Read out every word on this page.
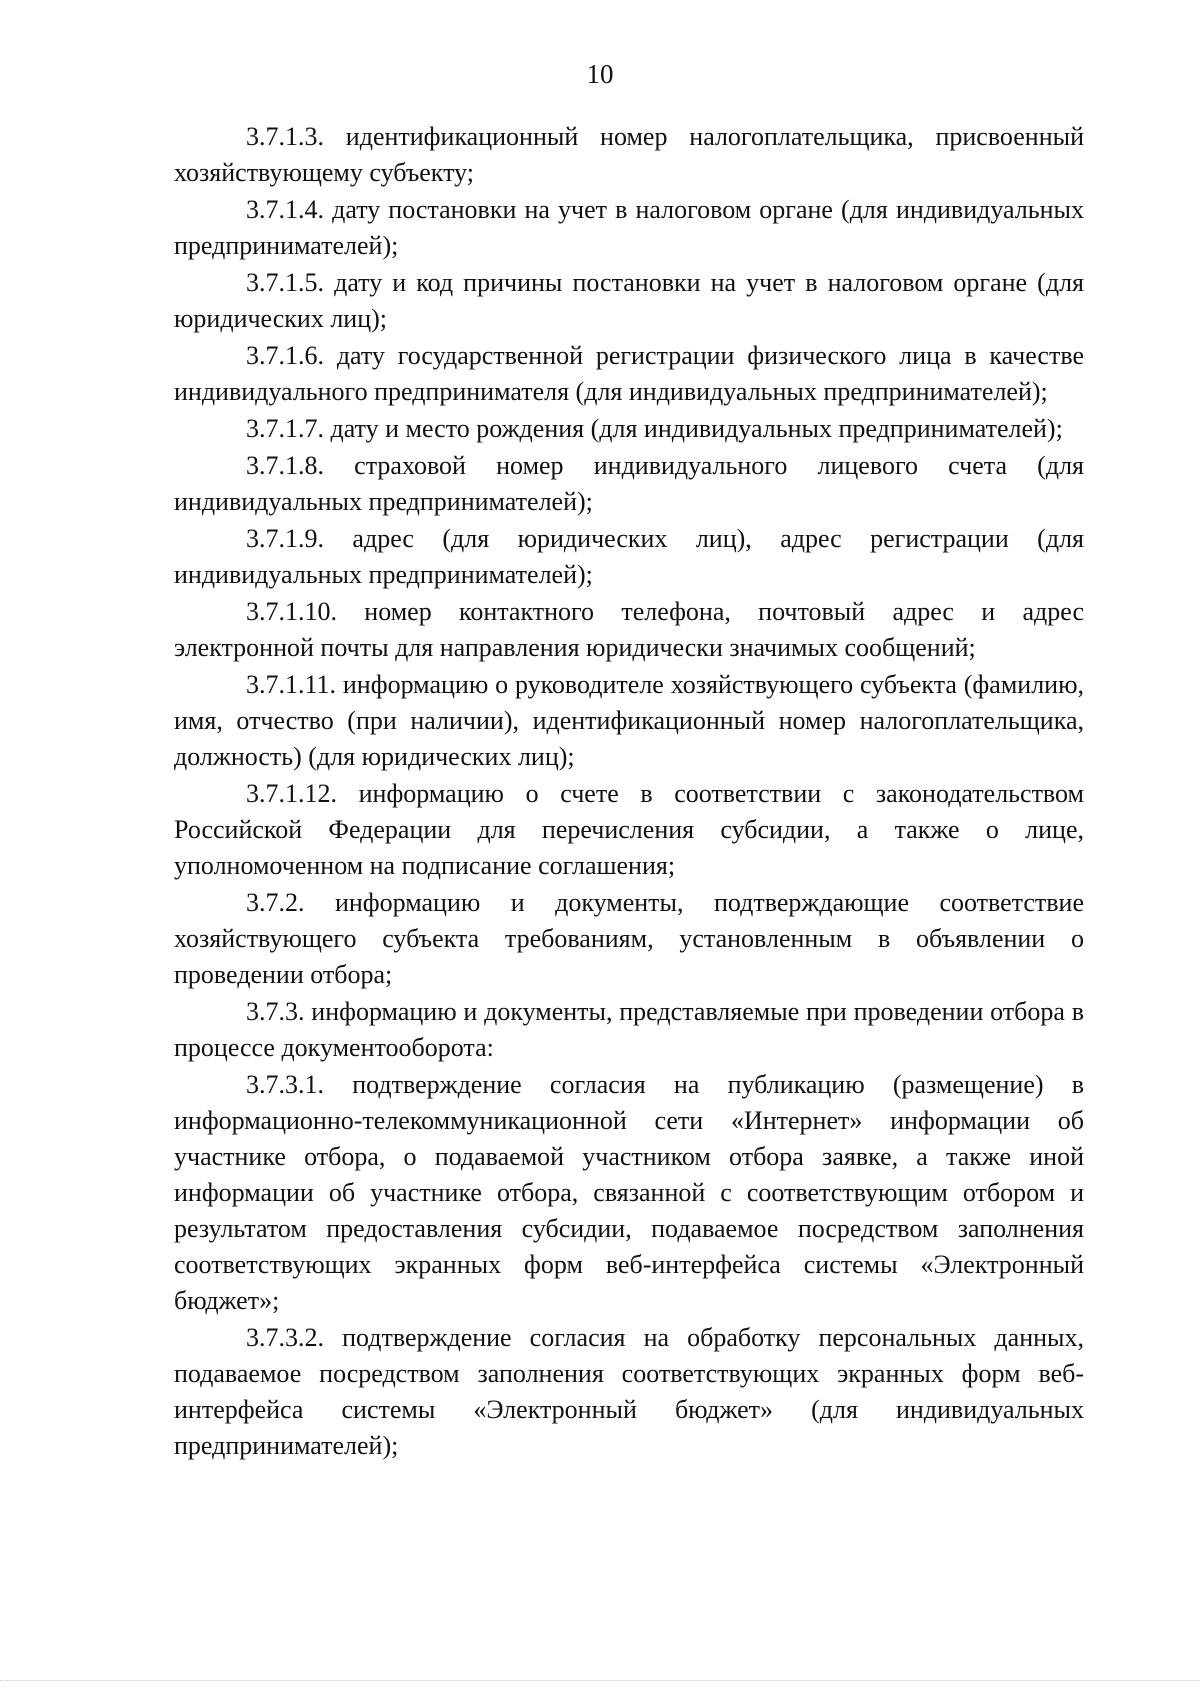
10

3.7.1.3. идентификационный номер налогоплательщика, присвоенный хозяйствующему субъекту;

3.7.1.4. дату постановки на учет в налоговом органе (для индивидуальных предпринимателей);

3.7.1.5. дату и код причины постановки на учет в налоговом органе (для юридических лиц);

3.7.1.6. дату государственной регистрации физического лица в качестве индивидуального предпринимателя (для индивидуальных предпринимателей);

3.7.1.7. дату и место рождения (для индивидуальных предпринимателей);

3.7.1.8. страховой номер индивидуального лицевого счета (для индивидуальных предпринимателей);

3.7.1.9. адрес (для юридических лиц), адрес регистрации (для индивидуальных предпринимателей);

3.7.1.10. номер контактного телефона, почтовый адрес и адрес электронной почты для направления юридически значимых сообщений;

3.7.1.11. информацию о руководителе хозяйствующего субъекта (фамилию, имя, отчество (при наличии), идентификационный номер налогоплательщика, должность) (для юридических лиц);

3.7.1.12. информацию о счете в соответствии с законодательством Российской Федерации для перечисления субсидии, а также о лице, уполномоченном на подписание соглашения;

3.7.2. информацию и документы, подтверждающие соответствие хозяйствующего субъекта требованиям, установленным в объявлении о проведении отбора;

3.7.3. информацию и документы, представляемые при проведении отбора в процессе документооборота:

3.7.3.1. подтверждение согласия на публикацию (размещение) в информационно-телекоммуникационной сети «Интернет» информации об участнике отбора, о подаваемой участником отбора заявке, а также иной информации об участнике отбора, связанной с соответствующим отбором и результатом предоставления субсидии, подаваемое посредством заполнения соответствующих экранных форм веб-интерфейса системы «Электронный бюджет»;

3.7.3.2. подтверждение согласия на обработку персональных данных, подаваемое посредством заполнения соответствующих экранных форм веб-интерфейса системы «Электронный бюджет» (для индивидуальных предпринимателей);
